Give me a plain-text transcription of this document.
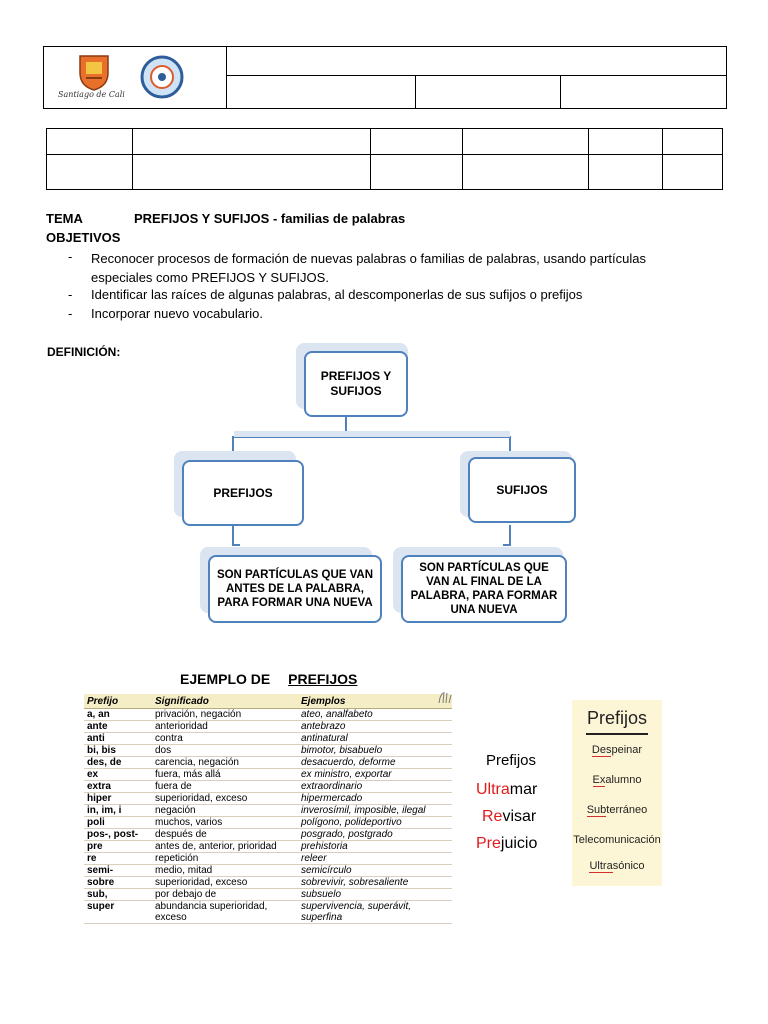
Santiago de Cali			

TEMA	PREFIJOS Y SUFIJOS - familias de palabras
OBJETIVOS
- Reconocer procesos de formación de nuevas palabras o familias de palabras, usando partículas especiales como PREFIJOS Y SUFIJOS.
- Identificar las raíces de algunas palabras, al descomponerlas de sus sufijos o prefijos
- Incorporar nuevo vocabulario.
DEFINICIÓN:
PREFIJOS Y SUFIJOS
PREFIJOS	SUFIJOS
SON PARTÍCULAS QUE VAN ANTES DE LA PALABRA, PARA FORMAR UNA NUEVA
SON PARTÍCULAS QUE VAN AL FINAL DE LA PALABRA, PARA FORMAR UNA NUEVA
EJEMPLO DE PREFIJOS
Prefijo	Significado	Ejemplos
a, an	privación, negación	ateo, analfabeto
ante	anterioridad	antebrazo
anti	contra	antinatural
bi, bis	dos	bimotor, bisabuelo
des, de	carencia, negación	desacuerdo, deforme
ex	fuera, más allá	ex ministro, exportar
extra	fuera de	extraordinario
hiper	superioridad, exceso	hipermercado
in, im, i	negación	inverosímil, imposible, ilegal
poli	muchos, varios	polígono, polideportivo
pos-, post-	después de	posgrado, postgrado
pre	antes de, anterior, prioridad	prehistoria
re	repetición	releer
semi-	medio, mitad	semicírculo
sobre	superioridad, exceso	sobrevivir, sobresaliente
sub,	por debajo de	subsuelo
super	abundancia superioridad, exceso	supervivencia, superávit, superfina
Prefijos
Ultramar
Revisar
Prejuicio
Prefijos
Despeinar
Exalumno
Subterráneo
Telecomunicación
Ultrasónico
